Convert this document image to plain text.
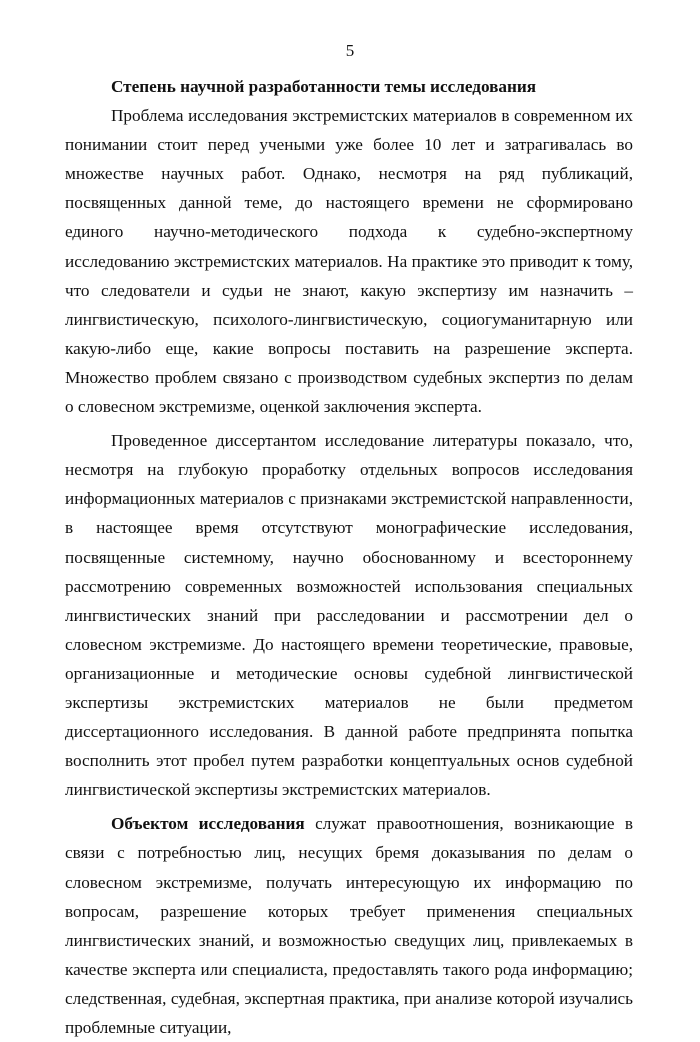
5

Степень научной разработанности темы исследования

Проблема исследования экстремистских материалов в современном их понимании стоит перед учеными уже более 10 лет и затрагивалась во множестве научных работ. Однако, несмотря на ряд публикаций, посвященных данной теме, до настоящего времени не сформировано единого научно-методического подхода к судебно-экспертному исследованию экстремистских материалов. На практике это приводит к тому, что следователи и судьи не знают, какую экспертизу им назначить – лингвистическую, психолого-лингвистическую, социогуманитарную или какую-либо еще, какие вопросы поставить на разрешение эксперта. Множество проблем связано с производством судебных экспертиз по делам о словесном экстремизме, оценкой заключения эксперта.

Проведенное диссертантом исследование литературы показало, что, несмотря на глубокую проработку отдельных вопросов исследования информационных материалов с признаками экстремистской направленности, в настоящее время отсутствуют монографические исследования, посвященные системному, научно обоснованному и всестороннему рассмотрению современных возможностей использования специальных лингвистических знаний при расследовании и рассмотрении дел о словесном экстремизме. До настоящего времени теоретические, правовые, организационные и методические основы судебной лингвистической экспертизы экстремистских материалов не были предметом диссертационного исследования. В данной работе предпринята попытка восполнить этот пробел путем разработки концептуальных основ судебной лингвистической экспертизы экстремистских материалов.

Объектом исследования служат правоотношения, возникающие в связи с потребностью лиц, несущих бремя доказывания по делам о словесном экстремизме, получать интересующую их информацию по вопросам, разрешение которых требует применения специальных лингвистических знаний, и возможностью сведущих лиц, привлекаемых в качестве эксперта или специалиста, предоставлять такого рода информацию; следственная, судебная, экспертная практика, при анализе которой изучались проблемные ситуации,
